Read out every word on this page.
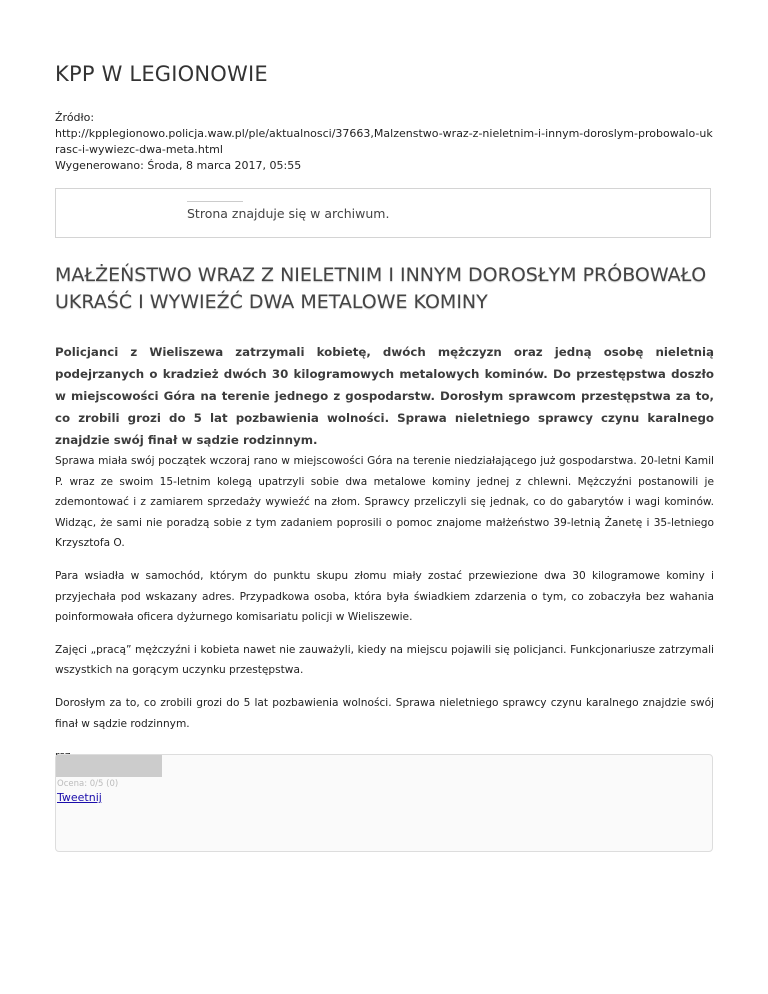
KPP W LEGIONOWIE
Źródło:
http://kpplegionowo.policja.waw.pl/ple/aktualnosci/37663,Malzenstwo-wraz-z-nieletnim-i-innym-doroslym-probowalo-ukrasc-i-wywiezc-dwa-meta.html
Wygenerowano: Środa, 8 marca 2017, 05:55
Strona znajduje się w archiwum.
MAŁŻEŃSTWO WRAZ Z NIELETNIM I INNYM DOROSŁYM PRÓBOWAŁO UKRAŚĆ I WYWIEŹĆ DWA METALOWE KOMINY

Policjanci z Wieliszewa zatrzymali kobietę, dwóch mężczyzn oraz jedną osobę nieletnią podejrzanych o kradzież dwóch 30 kilogramowych metalowych kominów. Do przestępstwa doszło w miejscowości Góra na terenie jednego z gospodarstw. Dorosłym sprawcom przestępstwa za to, co zrobili grozi do 5 lat pozbawienia wolności. Sprawa nieletniego sprawcy czynu karalnego znajdzie swój finał w sądzie rodzinnym.

Sprawa miała swój początek wczoraj rano w miejscowości Góra na terenie niedziałającego już gospodarstwa. 20-letni Kamil P. wraz ze swoim 15-letnim kolegą upatrzyli sobie dwa metalowe kominy jednej z chlewni. Mężczyźni postanowili je zdemontować i z zamiarem sprzedaży wywieźć na złom. Sprawcy przeliczyli się jednak, co do gabarytów i wagi kominów. Widząc, że sami nie poradzą sobie z tym zadaniem poprosili o pomoc znajome małżeństwo 39-letnią Żanetę i 35-letniego Krzysztofa O.

Para wsiadła w samochód, którym do punktu skupu złomu miały zostać przewiezione dwa 30 kilogramowe kominy i przyjechała pod wskazany adres. Przypadkowa osoba, która była świadkiem zdarzenia o tym, co zobaczyła bez wahania poinformowała oficera dyżurnego komisariatu policji w Wieliszewie.

Zajęci „pracą” mężczyźni i kobieta nawet nie zauważyli, kiedy na miejscu pojawili się policjanci. Funkcjonariusze zatrzymali wszystkich na gorącym uczynku przestępstwa.

Dorosłym za to, co zrobili grozi do 5 lat pozbawienia wolności. Sprawa nieletniego sprawcy czynu karalnego znajdzie swój finał w sądzie rodzinnym.

Ocena: 0/5 (0)
Tweetnij
